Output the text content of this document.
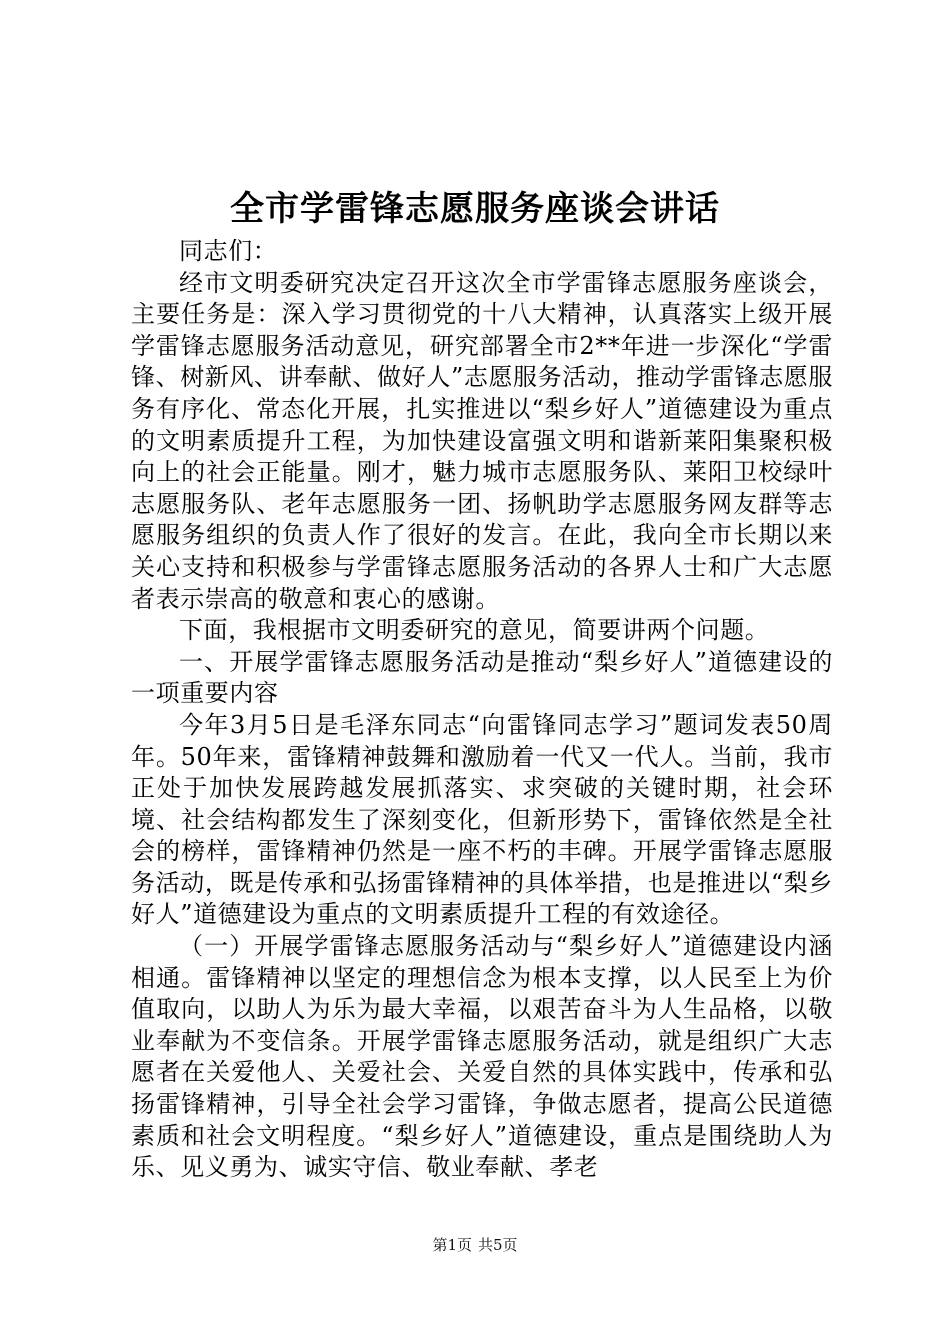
全市学雷锋志愿服务座谈会讲话

同志们：

经市文明委研究决定召开这次全市学雷锋志愿服务座谈会，主要任务是：深入学习贯彻党的十八大精神，认真落实上级开展学雷锋志愿服务活动意见，研究部署全市2**年进一步深化“学雷锋、树新风、讲奉献、做好人”志愿服务活动，推动学雷锋志愿服务有序化、常态化开展，扎实推进以“梨乡好人”道德建设为重点的文明素质提升工程，为加快建设富强文明和谐新莱阳集聚积极向上的社会正能量。刚才，魅力城市志愿服务队、莱阳卫校绿叶志愿服务队、老年志愿服务一团、扬帆助学志愿服务网友群等志愿服务组织的负责人作了很好的发言。在此，我向全市长期以来关心支持和积极参与学雷锋志愿服务活动的各界人士和广大志愿者表示崇高的敬意和衷心的感谢。

下面，我根据市文明委研究的意见，简要讲两个问题。

一、开展学雷锋志愿服务活动是推动“梨乡好人”道德建设的一项重要内容

今年3月5日是毛泽东同志“向雷锋同志学习”题词发表50周年。50年来，雷锋精神鼓舞和激励着一代又一代人。当前，我市正处于加快发展跨越发展抓落实、求突破的关键时期，社会环境、社会结构都发生了深刻变化，但新形势下，雷锋依然是全社会的榜样，雷锋精神仍然是一座不朽的丰碑。开展学雷锋志愿服务活动，既是传承和弘扬雷锋精神的具体举措，也是推进以“梨乡好人”道德建设为重点的文明素质提升工程的有效途径。

（一）开展学雷锋志愿服务活动与“梨乡好人”道德建设内涵相通。雷锋精神以坚定的理想信念为根本支撑，以人民至上为价值取向，以助人为乐为最大幸福，以艰苦奋斗为人生品格，以敬业奉献为不变信条。开展学雷锋志愿服务活动，就是组织广大志愿者在关爱他人、关爱社会、关爱自然的具体实践中，传承和弘扬雷锋精神，引导全社会学习雷锋，争做志愿者，提高公民道德素质和社会文明程度。“梨乡好人”道德建设，重点是围绕助人为乐、见义勇为、诚实守信、敬业奉献、孝老

第1页 共5页
